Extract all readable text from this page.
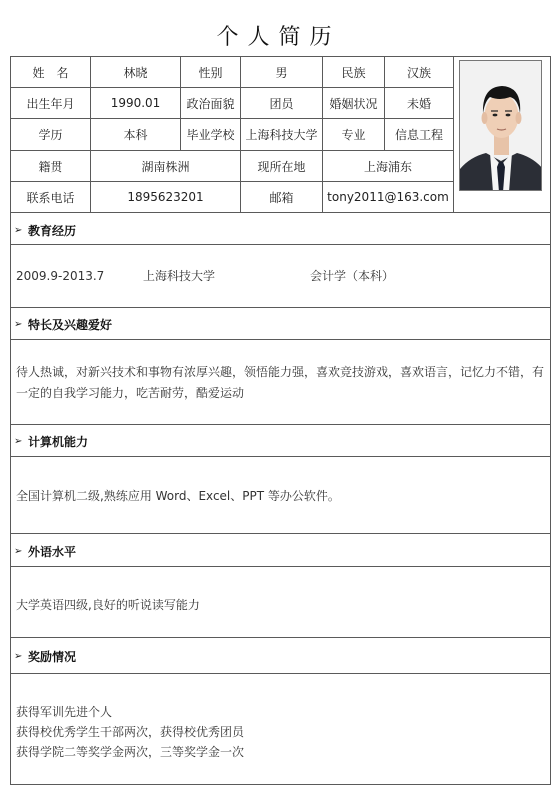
个人简历
姓　名	林晓	性别	男	民族	汉族
出生年月	1990.01	政治面貌	团员	婚姻状况	未婚
学历	本科	毕业学校 上海科技大学	专业	信息工程
籍贯	湖南株洲	现所在地	上海浦东
联系电话	1895623201	邮箱	tony2011@163.com
➢ 教育经历
2009.9-2013.7	上海科技大学	会计学（本科）
➢ 特长及兴趣爱好
待人热诚，对新兴技术和事物有浓厚兴趣，领悟能力强，喜欢竞技游戏，喜欢语言，记忆力不错，有一定的自我学习能力，吃苦耐劳，酷爱运动
➢ 计算机能力
全国计算机二级,熟练应用 Word、Excel、PPT 等办公软件。
➢ 外语水平
大学英语四级,良好的听说读写能力
➢ 奖励情况
获得军训先进个人
获得校优秀学生干部两次，获得校优秀团员
获得学院二等奖学金两次，三等奖学金一次
